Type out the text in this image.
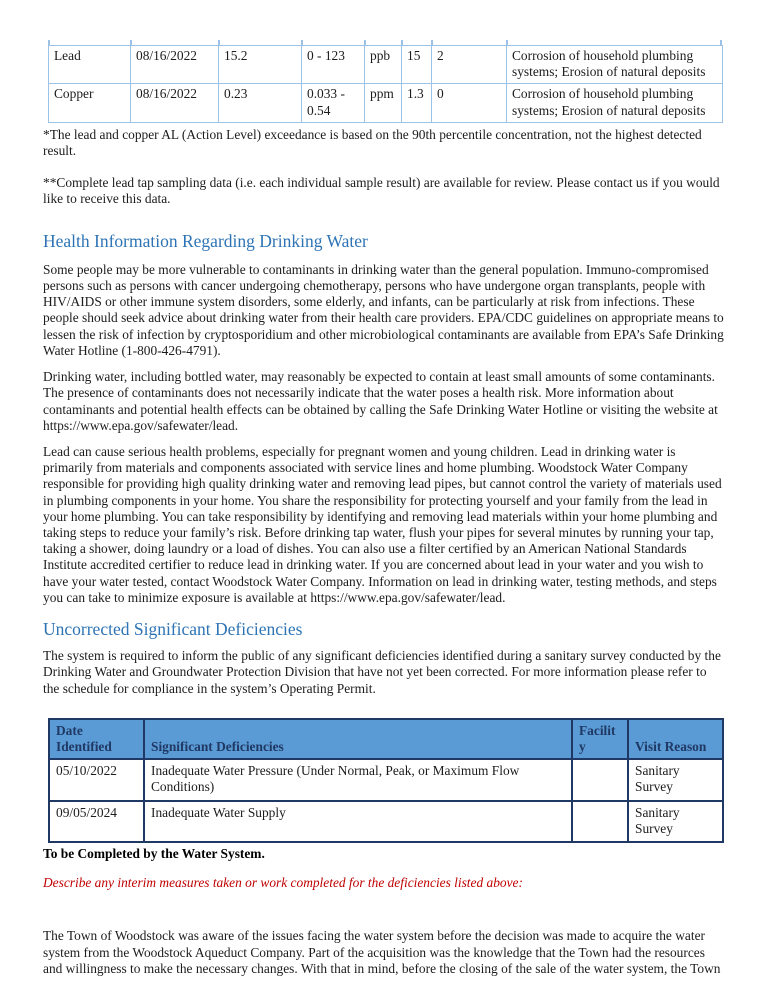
Lead	08/16/2022	15.2	0 - 123	ppb	15	2	Corrosion of household plumbing systems; Erosion of natural deposits
Copper	08/16/2022	0.23	0.033 - 0.54	ppm	1.3	0	Corrosion of household plumbing systems; Erosion of natural deposits

*The lead and copper AL (Action Level) exceedance is based on the 90th percentile concentration, not the highest detected result.

**Complete lead tap sampling data (i.e. each individual sample result) are available for review. Please contact us if you would like to receive this data.

Health Information Regarding Drinking Water

Some people may be more vulnerable to contaminants in drinking water than the general population. Immuno-compromised persons such as persons with cancer undergoing chemotherapy, persons who have undergone organ transplants, people with HIV/AIDS or other immune system disorders, some elderly, and infants, can be particularly at risk from infections. These people should seek advice about drinking water from their health care providers. EPA/CDC guidelines on appropriate means to lessen the risk of infection by cryptosporidium and other microbiological contaminants are available from EPA’s Safe Drinking Water Hotline (1-800-426-4791).

Drinking water, including bottled water, may reasonably be expected to contain at least small amounts of some contaminants. The presence of contaminants does not necessarily indicate that the water poses a health risk. More information about contaminants and potential health effects can be obtained by calling the Safe Drinking Water Hotline or visiting the website at https://www.epa.gov/safewater/lead.

Lead can cause serious health problems, especially for pregnant women and young children. Lead in drinking water is primarily from materials and components associated with service lines and home plumbing. Woodstock Water Company responsible for providing high quality drinking water and removing lead pipes, but cannot control the variety of materials used in plumbing components in your home. You share the responsibility for protecting yourself and your family from the lead in your home plumbing. You can take responsibility by identifying and removing lead materials within your home plumbing and taking steps to reduce your family’s risk. Before drinking tap water, flush your pipes for several minutes by running your tap, taking a shower, doing laundry or a load of dishes. You can also use a filter certified by an American National Standards Institute accredited certifier to reduce lead in drinking water. If you are concerned about lead in your water and you wish to have your water tested, contact Woodstock Water Company. Information on lead in drinking water, testing methods, and steps you can take to minimize exposure is available at https://www.epa.gov/safewater/lead.

Uncorrected Significant Deficiencies

The system is required to inform the public of any significant deficiencies identified during a sanitary survey conducted by the Drinking Water and Groundwater Protection Division that have not yet been corrected. For more information please refer to the schedule for compliance in the system’s Operating Permit.

Date Identified	Significant Deficiencies	Facility	Visit Reason
05/10/2022	Inadequate Water Pressure (Under Normal, Peak, or Maximum Flow Conditions)		Sanitary Survey
09/05/2024	Inadequate Water Supply		Sanitary Survey

To be Completed by the Water System.

Describe any interim measures taken or work completed for the deficiencies listed above:

The Town of Woodstock was aware of the issues facing the water system before the decision was made to acquire the water system from the Woodstock Aqueduct Company. Part of the acquisition was the knowledge that the Town had the resources and willingness to make the necessary changes. With that in mind, before the closing of the sale of the water system, the Town
